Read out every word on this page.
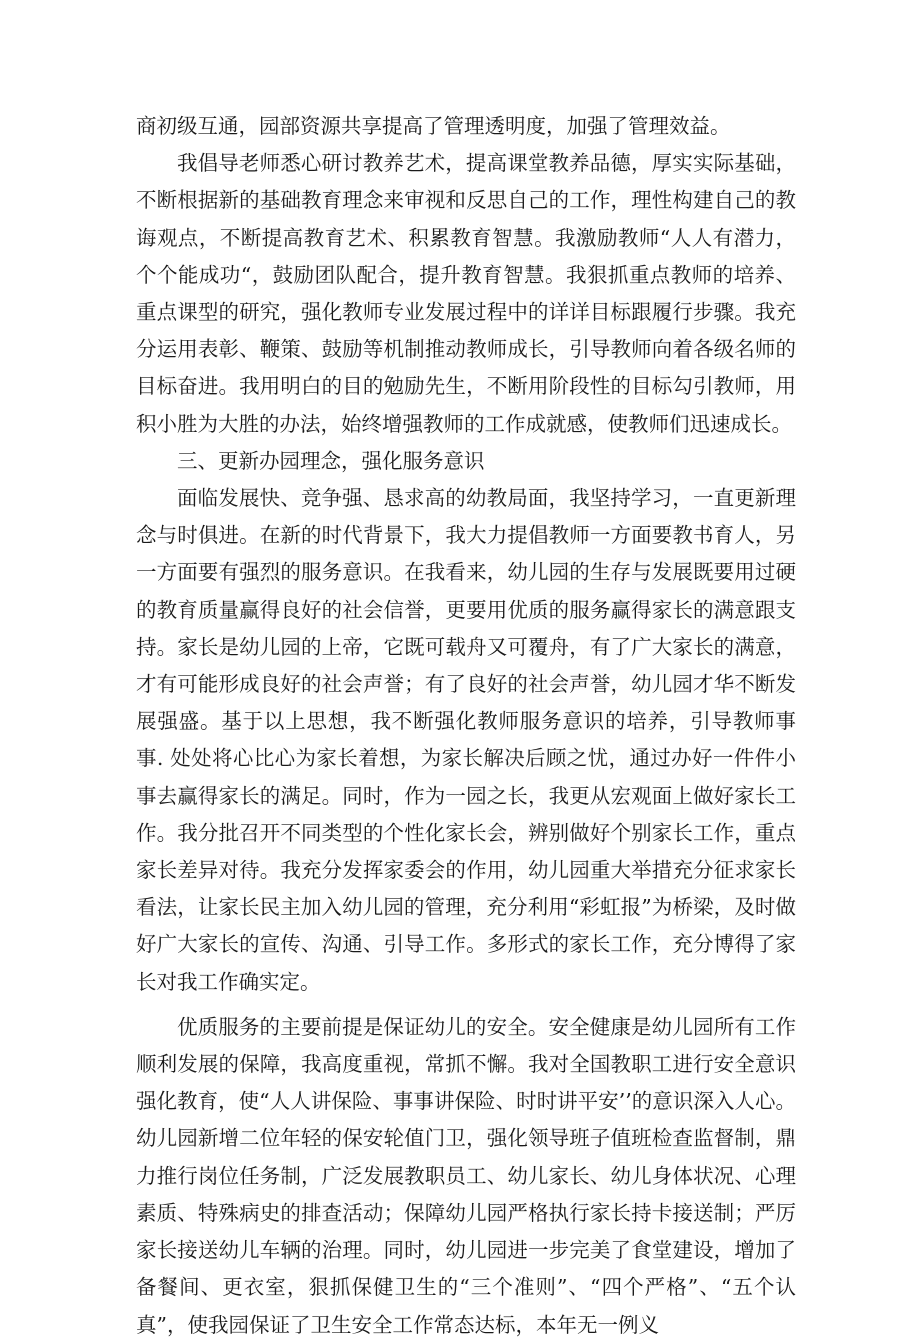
商初级互通，园部资源共享提高了管理透明度，加强了管理效益。

我倡导老师悉心研讨教养艺术，提高课堂教养品德，厚实实际基础，不断根据新的基础教育理念来审视和反思自己的工作，理性构建自己的教诲观点，不断提高教育艺术、积累教育智慧。我激励教师“人人有潜力，个个能成功“，鼓励团队配合，提升教育智慧。我狠抓重点教师的培养、重点课型的研究，强化教师专业发展过程中的详详目标跟履行步骤。我充分运用表彰、鞭策、鼓励等机制推动教师成长，引导教师向着各级名师的目标奋进。我用明白的目的勉励先生，不断用阶段性的目标勾引教师，用积小胜为大胜的办法，始终增强教师的工作成就感，使教师们迅速成长。

三、更新办园理念，强化服务意识

面临发展快、竞争强、恳求高的幼教局面，我坚持学习，一直更新理念与时俱进。在新的时代背景下，我大力提倡教师一方面要教书育人，另一方面要有强烈的服务意识。在我看来，幼儿园的生存与发展既要用过硬的教育质量赢得良好的社会信誉，更要用优质的服务赢得家长的满意跟支持。家长是幼儿园的上帝，它既可载舟又可覆舟，有了广大家长的满意，才有可能形成良好的社会声誉；有了良好的社会声誉，幼儿园才华不断发展强盛。基于以上思想，我不断强化教师服务意识的培养，引导教师事事. 处处将心比心为家长着想，为家长解决后顾之忧，通过办好一件件小事去赢得家长的满足。同时，作为一园之长，我更从宏观面上做好家长工作。我分批召开不同类型的个性化家长会，辨别做好个别家长工作，重点家长差异对待。我充分发挥家委会的作用，幼儿园重大举措充分征求家长看法，让家长民主加入幼儿园的管理，充分利用“彩虹报”为桥梁，及时做好广大家长的宣传、沟通、引导工作。多形式的家长工作，充分博得了家长对我工作确实定。

优质服务的主要前提是保证幼儿的安全。安全健康是幼儿园所有工作顺利发展的保障，我高度重视，常抓不懈。我对全国教职工进行安全意识强化教育，使“人人讲保险、事事讲保险、时时讲平安’’的意识深入人心。幼儿园新增二位年轻的保安轮值门卫，强化领导班子值班检查监督制，鼎力推行岗位任务制，广泛发展教职员工、幼儿家长、幼儿身体状况、心理素质、特殊病史的排查活动；保障幼儿园严格执行家长持卡接送制；严厉家长接送幼儿车辆的治理。同时，幼儿园进一步完美了食堂建设，增加了备餐间、更衣室，狠抓保健卫生的“三个准则”、“四个严格”、“五个认真”，使我园保证了卫生安全工作常态达标，本年无一例义
